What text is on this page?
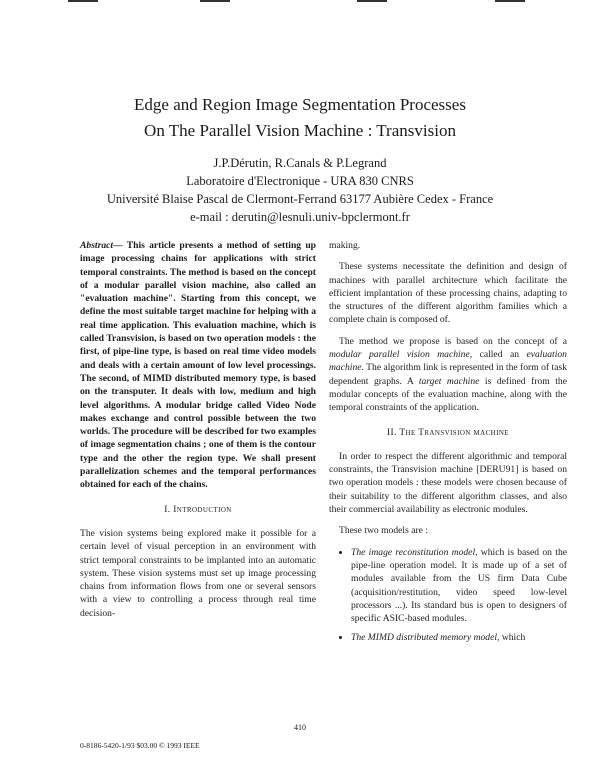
Edge and Region Image Segmentation Processes
On The Parallel Vision Machine : Transvision
J.P.Dérutin, R.Canals & P.Legrand
Laboratoire d'Electronique - URA 830 CNRS
Université Blaise Pascal de Clermont-Ferrand 63177 Aubière Cedex - France
e-mail : derutin@lesnuli.univ-bpclermont.fr

Abstract— This article presents a method of setting up image processing chains for applications with strict temporal constraints. The method is based on the concept of a modular parallel vision machine, also called an "evaluation machine". Starting from this concept, we define the most suitable target machine for helping with a real time application. This evaluation machine, which is called Transvision, is based on two operation models : the first, of pipe-line type, is based on real time video models and deals with a certain amount of low level processings. The second, of MIMD distributed memory type, is based on the transputer. It deals with low, medium and high level algorithms. A modular bridge called Video Node makes exchange and control possible between the two worlds. The procedure will be described for two examples of image segmentation chains ; one of them is the contour type and the other the region type. We shall present parallelization schemes and the temporal performances obtained for each of the chains.

I. Introduction

The vision systems being explored make it possible for a certain level of visual perception in an environment with strict temporal constraints to be implanted into an automatic system. These vision systems must set up image processing chains from information flows from one or several sensors with a view to controlling a process through real time decision-

making.

These systems necessitate the definition and design of machines with parallel architecture which facilitate the efficient implantation of these processing chains, adapting to the structures of the different algorithm families which a complete chain is composed of.

The method we propose is based on the concept of a modular parallel vision machine, called an evaluation machine. The algorithm link is represented in the form of task dependent graphs. A target machine is defined from the modular concepts of the evaluation machine, along with the temporal constraints of the application.

II. The Transvision machine

In order to respect the different algorithmic and temporal constraints, the Transvision machine [DERU91] is based on two operation models : these models were chosen because of their suitability to the different algorithm classes, and also their commercial availability as electronic modules.

These two models are :

• The image reconstitution model, which is based on the pipe-line operation model. It is made up of a set of modules available from the US firm Data Cube (acquisition/restitution, video speed low-level processors ...). Its standard bus is open to designers of specific ASIC-based modules.
• The MIMD distributed memory model, which
410
0-8186-5420-1/93 $03.00 © 1993 IEEE
